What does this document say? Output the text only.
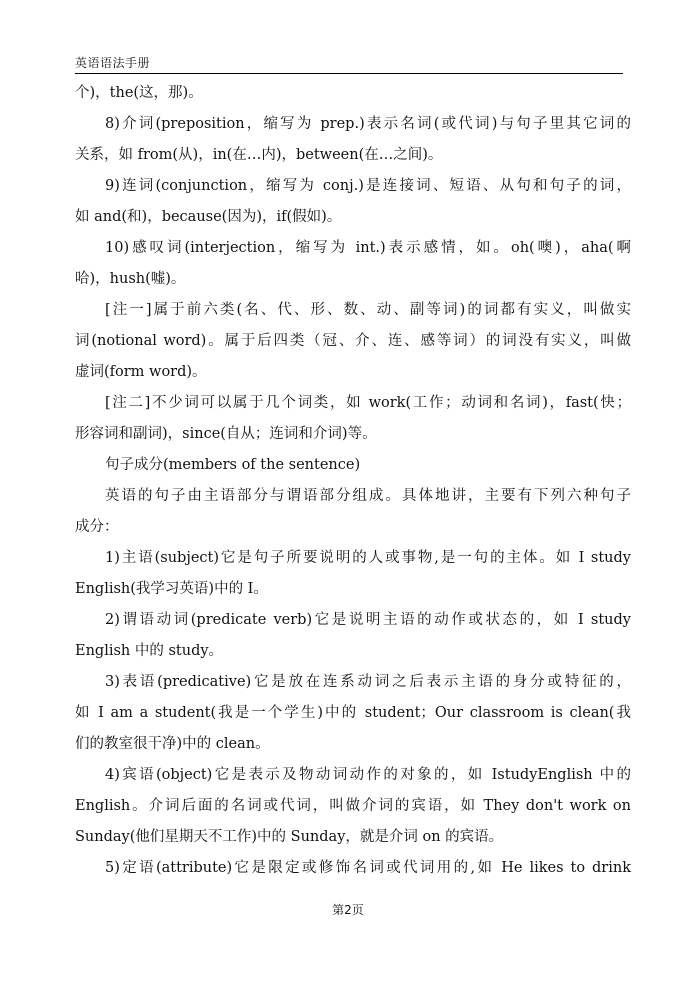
英语语法手册
个)，the(这，那)。
8)介词(preposition，缩写为 prep.)表示名词(或代词)与句子里其它词的
关系，如 from(从)，in(在…内)，between(在…之间)。
9)连词(conjunction，缩写为 conj.)是连接词、短语、从句和句子的词，
如 and(和)，because(因为)，if(假如)。
10)感叹词(interjection，缩写为 int.)表示感情，如。oh(噢)，aha(啊
哈)，hush(嘘)。
[注一]属于前六类(名、代、形、数、动、副等词)的词都有实义，叫做实
词(notional word)。属于后四类（冠、介、连、感等词）的词没有实义，叫做
虚词(form word)。
[注二]不少词可以属于几个词类，如 work(工作；动词和名词)，fast(快；
形容词和副词)，since(自从；连词和介词)等。
句子成分(members of the sentence)
英语的句子由主语部分与谓语部分组成。具体地讲，主要有下列六种句子
成分：
1)主语(subject)它是句子所要说明的人或事物,是一句的主体。如 I study
English(我学习英语)中的 I。
2)谓语动词(predicate verb)它是说明主语的动作或状态的，如 I study
English 中的 study。
3)表语(predicative)它是放在连系动词之后表示主语的身分或特征的，
如 I am a student(我是一个学生)中的 student；Our classroom is clean(我
们的教室很干净)中的 clean。
4)宾语(object)它是表示及物动词动作的对象的，如 IstudyEnglish 中的
English。介词后面的名词或代词，叫做介词的宾语，如 They don't work on
Sunday(他们星期天不工作)中的 Sunday，就是介词 on 的宾语。
5)定语(attribute)它是限定或修饰名词或代词用的,如 He likes to drink
第2页
